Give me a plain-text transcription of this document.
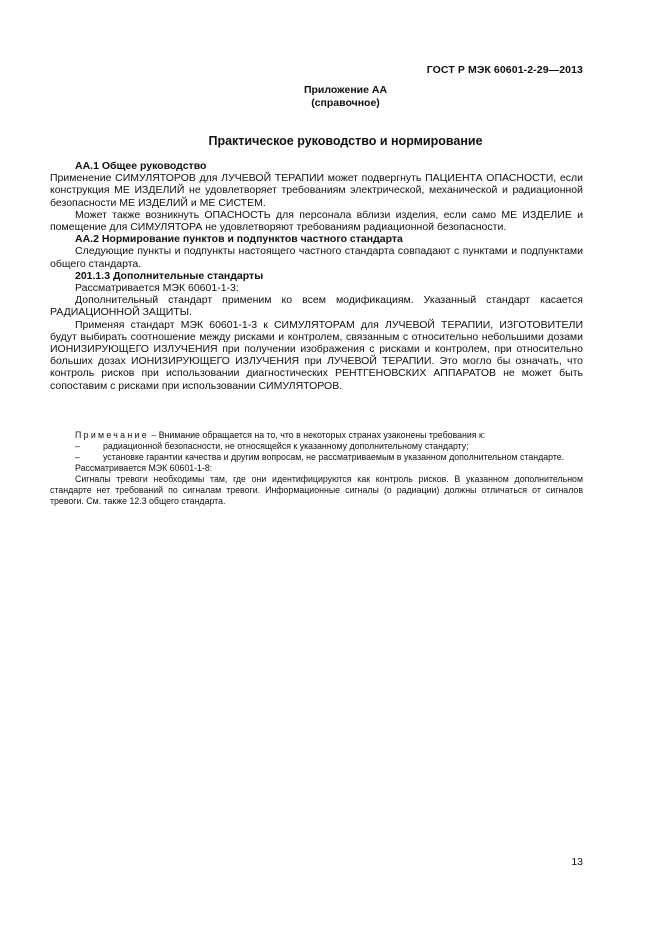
ГОСТ Р МЭК 60601-2-29—2013
Приложение АА
(справочное)
Практическое руководство и нормирование

АА.1 Общее руководство

Применение СИМУЛЯТОРОВ для ЛУЧЕВОЙ ТЕРАПИИ может подвергнуть ПАЦИЕНТА ОПАСНОСТИ, если конструкция МЕ ИЗДЕЛИЙ не удовлетворяет требованиям электрической, механической и радиационной безопасности МЕ ИЗДЕЛИЙ и МЕ СИСТЕМ.

Может также возникнуть ОПАСНОСТЬ для персонала вблизи изделия, если само МЕ ИЗДЕЛИЕ и помещение для СИМУЛЯТОРА не удовлетворяют требованиям радиационной безопасности.

АА.2 Нормирование пунктов и подпунктов частного стандарта

Следующие пункты и подпункты настоящего частного стандарта совпадают с пунктами и подпунктами общего стандарта.

201.1.3 Дополнительные стандарты

Рассматривается МЭК 60601-1-3:

Дополнительный стандарт применим ко всем модификациям. Указанный стандарт касается РАДИАЦИОННОЙ ЗАЩИТЫ.

Применяя стандарт МЭК 60601-1-3 к СИМУЛЯТОРАМ для ЛУЧЕВОЙ ТЕРАПИИ, ИЗГОТОВИТЕЛИ будут выбирать соотношение между рисками и контролем, связанным с относительно небольшими дозами ИОНИЗИРУЮЩЕГО ИЗЛУЧЕНИЯ при получении изображения с рисками и контролем, при относительно больших дозах ИОНИЗИРУЮЩЕГО ИЗЛУЧЕНИЯ при ЛУЧЕВОЙ ТЕРАПИИ. Это могло бы означать, что контроль рисков при использовании диагностических РЕНТГЕНОВСКИХ АППАРАТОВ не может быть сопоставим с рисками при использовании СИМУЛЯТОРОВ.

Примечание – Внимание обращается на то, что в некоторых странах узаконены требования к:

–	радиационной безопасности, не относящейся к указанному дополнительному стандарту;

–	установке гарантии качества и другим вопросам, не рассматриваемым в указанном дополнительном стандарте.

Рассматривается МЭК 60601-1-8:

Сигналы тревоги необходимы там, где они идентифицируются как контроль рисков. В указанном дополнительном стандарте нет требований по сигналам тревоги. Информационные сигналы (о радиации) должны отличаться от сигналов тревоги. См. также 12.3 общего стандарта.

13
